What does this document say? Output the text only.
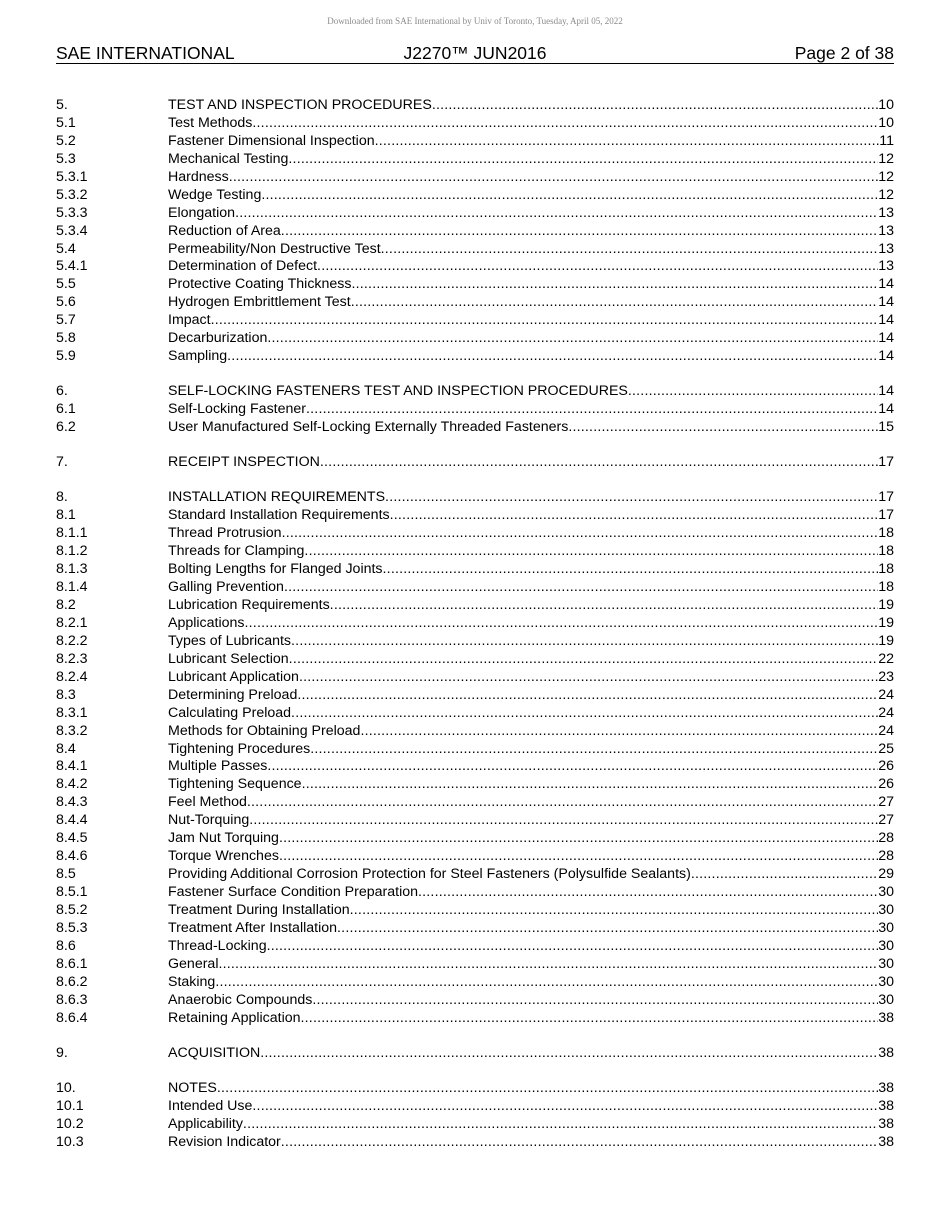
Downloaded from SAE International by Univ of Toronto, Tuesday, April 05, 2022
SAE INTERNATIONAL	J2270™ JUN2016	Page 2 of 38
5.	TEST AND INSPECTION PROCEDURES .....	10
5.1	Test Methods .....	10
5.2	Fastener Dimensional Inspection .....	11
5.3	Mechanical Testing .....	12
5.3.1	Hardness .....	12
5.3.2	Wedge Testing .....	12
5.3.3	Elongation .....	13
5.3.4	Reduction of Area .....	13
5.4	Permeability/Non Destructive Test .....	13
5.4.1	Determination of Defect .....	13
5.5	Protective Coating Thickness .....	14
5.6	Hydrogen Embrittlement Test .....	14
5.7	Impact .....	14
5.8	Decarburization .....	14
5.9	Sampling .....	14
6.	SELF-LOCKING FASTENERS TEST AND INSPECTION PROCEDURES .....	14
6.1	Self-Locking Fastener .....	14
6.2	User Manufactured Self-Locking Externally Threaded Fasteners .....	15
7.	RECEIPT INSPECTION .....	17
8.	INSTALLATION REQUIREMENTS .....	17
8.1	Standard Installation Requirements .....	17
8.1.1	Thread Protrusion .....	18
8.1.2	Threads for Clamping .....	18
8.1.3	Bolting Lengths for Flanged Joints .....	18
8.1.4	Galling Prevention .....	18
8.2	Lubrication Requirements .....	19
8.2.1	Applications .....	19
8.2.2	Types of Lubricants .....	19
8.2.3	Lubricant Selection .....	22
8.2.4	Lubricant Application .....	23
8.3	Determining Preload .....	24
8.3.1	Calculating Preload .....	24
8.3.2	Methods for Obtaining Preload .....	24
8.4	Tightening Procedures .....	25
8.4.1	Multiple Passes .....	26
8.4.2	Tightening Sequence .....	26
8.4.3	Feel Method .....	27
8.4.4	Nut-Torquing .....	27
8.4.5	Jam Nut Torquing .....	28
8.4.6	Torque Wrenches .....	28
8.5	Providing Additional Corrosion Protection for Steel Fasteners (Polysulfide Sealants) .....	29
8.5.1	Fastener Surface Condition Preparation .....	30
8.5.2	Treatment During Installation .....	30
8.5.3	Treatment After Installation .....	30
8.6	Thread-Locking .....	30
8.6.1	General .....	30
8.6.2	Staking .....	30
8.6.3	Anaerobic Compounds .....	30
8.6.4	Retaining Application .....	38
9.	ACQUISITION .....	38
10.	NOTES .....	38
10.1	Intended Use .....	38
10.2	Applicability .....	38
10.3	Revision Indicator .....	38
